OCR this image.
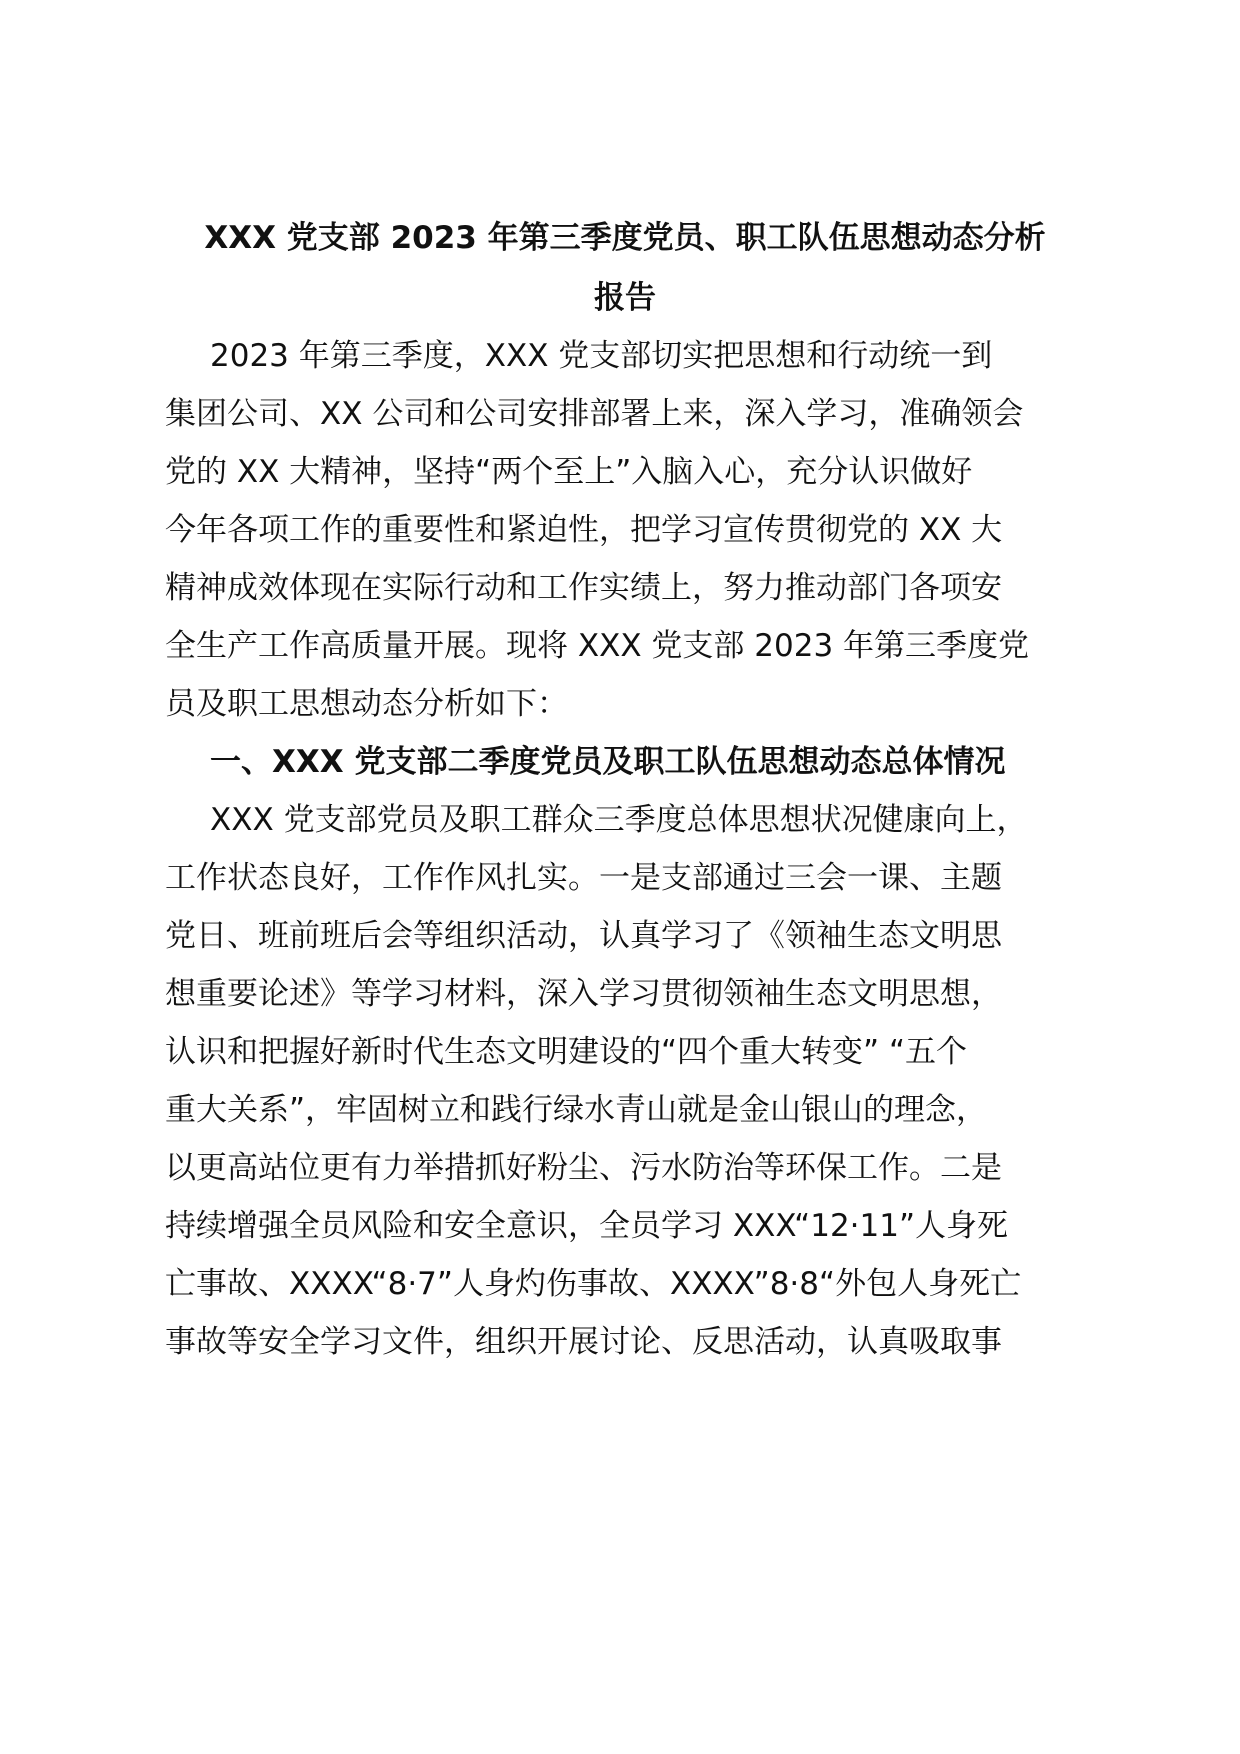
XXX 党支部 2023 年第三季度党员、职工队伍思想动态分析
报告
2023 年第三季度，XXX 党支部切实把思想和行动统一到
集团公司、XX 公司和公司安排部署上来，深入学习，准确领会
党的 XX 大精神，坚持“两个至上”入脑入心，充分认识做好
今年各项工作的重要性和紧迫性，把学习宣传贯彻党的 XX 大
精神成效体现在实际行动和工作实绩上，努力推动部门各项安
全生产工作高质量开展。现将 XXX 党支部 2023 年第三季度党
员及职工思想动态分析如下：
一、XXX 党支部二季度党员及职工队伍思想动态总体情况
XXX 党支部党员及职工群众三季度总体思想状况健康向上，
工作状态良好，工作作风扎实。一是支部通过三会一课、主题
党日、班前班后会等组织活动，认真学习了《领袖生态文明思
想重要论述》等学习材料，深入学习贯彻领袖生态文明思想，
认识和把握好新时代生态文明建设的“四个重大转变” “五个
重大关系”，牢固树立和践行绿水青山就是金山银山的理念，
以更高站位更有力举措抓好粉尘、污水防治等环保工作。二是
持续增强全员风险和安全意识，全员学习 XXX“12·11”人身死
亡事故、XXXX“8·7”人身灼伤事故、XXXX”8·8“外包人身死亡
事故等安全学习文件，组织开展讨论、反思活动，认真吸取事
